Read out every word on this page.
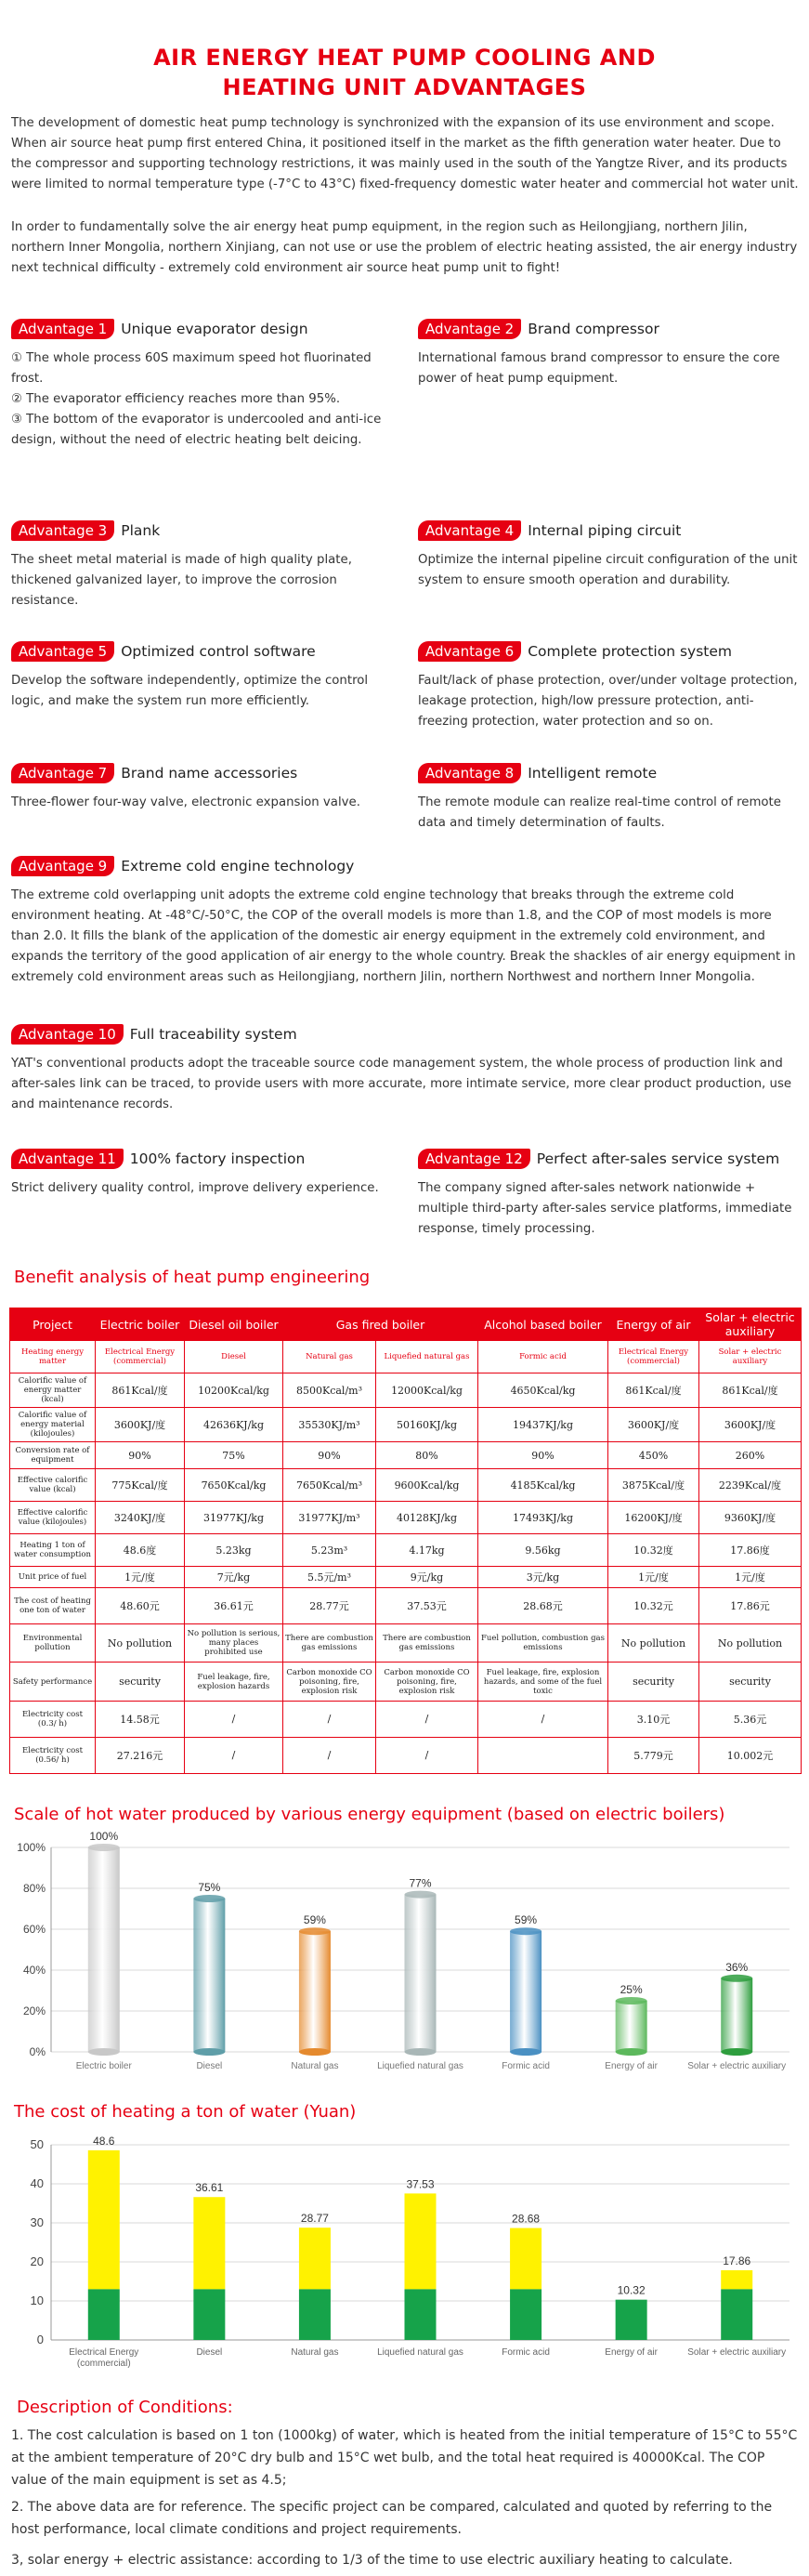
AIR ENERGY HEAT PUMP COOLING AND
HEATING UNIT ADVANTAGES
The development of domestic heat pump technology is synchronized with the expansion of its use environment and scope. When air source heat pump first entered China, it positioned itself in the market as the fifth generation water heater. Due to the compressor and supporting technology restrictions, it was mainly used in the south of the Yangtze River, and its products were limited to normal temperature type (-7°C to 43°C) fixed-frequency domestic water heater and commercial hot water unit.
In order to fundamentally solve the air energy heat pump equipment, in the region such as Heilongjiang, northern Jilin, northern Inner Mongolia, northern Xinjiang, can not use or use the problem of electric heating assisted, the air energy industry next technical difficulty - extremely cold environment air source heat pump unit to fight!
Advantage 1 Unique evaporator design
① The whole process 60S maximum speed hot fluorinated frost.
② The evaporator efficiency reaches more than 95%.
③ The bottom of the evaporator is undercooled and anti-ice design, without the need of electric heating belt deicing.
Advantage 2 Brand compressor
International famous brand compressor to ensure the core power of heat pump equipment.
Advantage 3 Plank
The sheet metal material is made of high quality plate, thickened galvanized layer, to improve the corrosion resistance.
Advantage 4 Internal piping circuit
Optimize the internal pipeline circuit configuration of the unit system to ensure smooth operation and durability.
Advantage 5 Optimized control software
Develop the software independently, optimize the control logic, and make the system run more efficiently.
Advantage 6 Complete protection system
Fault/lack of phase protection, over/under voltage protection, leakage protection, high/low pressure protection, anti-freezing protection, water protection and so on.
Advantage 7 Brand name accessories
Three-flower four-way valve, electronic expansion valve.
Advantage 8 Intelligent remote
The remote module can realize real-time control of remote data and timely determination of faults.
Advantage 9 Extreme cold engine technology
The extreme cold overlapping unit adopts the extreme cold engine technology that breaks through the extreme cold environment heating. At -48°C/-50°C, the COP of the overall models is more than 1.8, and the COP of most models is more than 2.0. It fills the blank of the application of the domestic air energy equipment in the extremely cold environment, and expands the territory of the good application of air energy to the whole country. Break the shackles of air energy equipment in extremely cold environment areas such as Heilongjiang, northern Jilin, northern Northwest and northern Inner Mongolia.
Advantage 10 Full traceability system
YAT's conventional products adopt the traceable source code management system, the whole process of production link and after-sales link can be traced, to provide users with more accurate, more intimate service, more clear product production, use and maintenance records.
Advantage 11 100% factory inspection
Strict delivery quality control, improve delivery experience.
Advantage 12 Perfect after-sales service system
The company signed after-sales network nationwide + multiple third-party after-sales service platforms, immediate response, timely processing.
Benefit analysis of heat pump engineering
Project	Electric boiler	Diesel oil boiler	Gas fired boiler		Alcohol based boiler	Energy of air	Solar + electric auxiliary
Heating energy matter	Electrical Energy (commercial)	Diesel	Natural gas	Liquefied natural gas	Formic acid	Electrical Energy (commercial)	Solar + electric auxiliary
Calorific value of energy matter (kcal)	861Kcal/度	10200Kcal/kg	8500Kcal/m³	12000Kcal/kg	4650Kcal/kg	861Kcal/度	861Kcal/度
Calorific value of energy material (kilojoules)	3600KJ/度	42636KJ/kg	35530KJ/m³	50160KJ/kg	19437KJ/kg	3600KJ/度	3600KJ/度
Conversion rate of equipment	90%	75%	90%	80%	90%	450%	260%
Effective calorific value (kcal)	775Kcal/度	7650Kcal/kg	7650Kcal/m³	9600Kcal/kg	4185Kcal/kg	3875Kcal/度	2239Kcal/度
Effective calorific value (kilojoules)	3240KJ/度	31977KJ/kg	31977KJ/m³	40128KJ/kg	17493KJ/kg	16200KJ/度	9360KJ/度
Heating 1 ton of water consumption	48.6度	5.23kg	5.23m³	4.17kg	9.56kg	10.32度	17.86度
Unit price of fuel	1元/度	7元/kg	5.5元/m³	9元/kg	3元/kg	1元/度	1元/度
The cost of heating one ton of water	48.60元	36.61元	28.77元	37.53元	28.68元	10.32元	17.86元
Environmental pollution	No pollution	No pollution is serious, many places prohibited use	There are combustion gas emissions	There are combustion gas emissions	Fuel pollution, combustion gas emissions	No pollution	No pollution
Safety performance	security	Fuel leakage, fire, explosion hazards	Carbon monoxide CO poisoning, fire, explosion risk	Carbon monoxide CO poisoning, fire, explosion risk	Fuel leakage, fire, explosion hazards, and some of the fuel toxic	security	security
Electricity cost (0.3/ h)	14.58元	/	/	/	/	3.10元	5.36元
Electricity cost (0.56/ h)	27.216元	/	/	/		5.779元	10.002元
Scale of hot water produced by various energy equipment (based on electric boilers)
0%
20%
40%
60%
80%
100%
100%
Electric boiler
75%
Diesel
59%
Natural gas
77%
Liquefied natural gas
59%
Formic acid
25%
Energy of air
36%
Solar + electric auxiliary
The cost of heating a ton of water (Yuan)
0
10
20
30
40
50	48.6
Electrical Energy
(commercial)
36.61
Diesel
28.77
Natural gas
37.53
Liquefied natural gas
28.68
Formic acid
10.32
Energy of air
17.86
Solar + electric auxiliary
Description of Conditions:
1. The cost calculation is based on 1 ton (1000kg) of water, which is heated from the initial temperature of 15°C to 55°C at the ambient temperature of 20°C dry bulb and 15°C wet bulb, and the total heat required is 40000Kcal. The COP value of the main equipment is set as 4.5;
2. The above data are for reference. The specific project can be compared, calculated and quoted by referring to the host performance, local climate conditions and project requirements.
3, solar energy + electric assistance: according to 1/3 of the time to use electric auxiliary heating to calculate.
